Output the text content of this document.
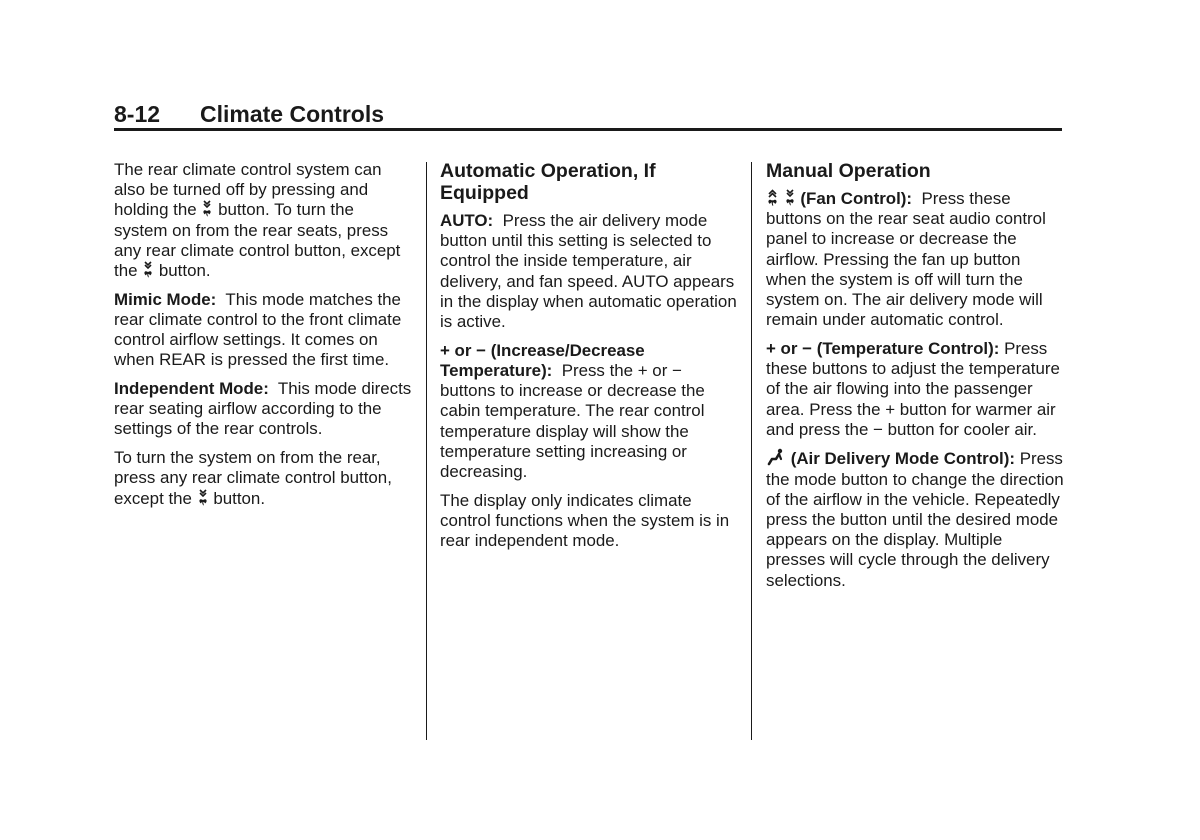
8-12	Climate Controls

The rear climate control system can also be turned off by pressing and holding the button. To turn the system on from the rear seats, press any rear climate control button, except the button.

Mimic Mode: This mode matches the rear climate control to the front climate control airflow settings. It comes on when REAR is pressed the first time.

Independent Mode: This mode directs rear seating airflow according to the settings of the rear controls.

To turn the system on from the rear, press any rear climate control button, except the button.

Automatic Operation, If Equipped

AUTO: Press the air delivery mode button until this setting is selected to control the inside temperature, air delivery, and fan speed. AUTO appears in the display when automatic operation is active.

+ or − (Increase/Decrease Temperature): Press the + or − buttons to increase or decrease the cabin temperature. The rear control temperature display will show the temperature setting increasing or decreasing.

The display only indicates climate control functions when the system is in rear independent mode.

Manual Operation

(Fan Control): Press these buttons on the rear seat audio control panel to increase or decrease the airflow. Pressing the fan up button when the system is off will turn the system on. The air delivery mode will remain under automatic control.

+ or − (Temperature Control): Press these buttons to adjust the temperature of the air flowing into the passenger area. Press the + button for warmer air and press the − button for cooler air.

(Air Delivery Mode Control): Press the mode button to change the direction of the airflow in the vehicle. Repeatedly press the button until the desired mode appears on the display. Multiple presses will cycle through the delivery selections.
